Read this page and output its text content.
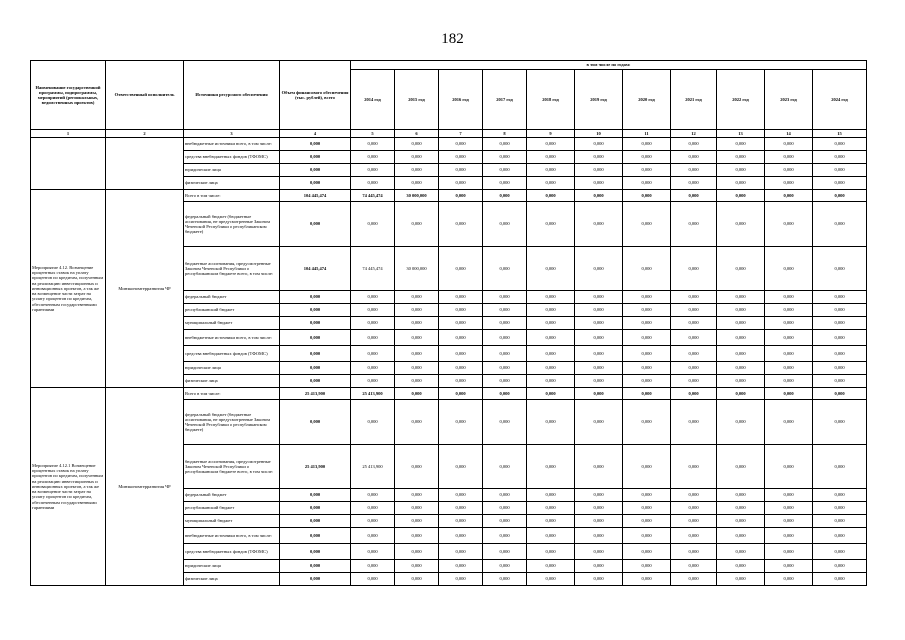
182
Наименование государственной программы, подпрограммы, мероприятий (региональных, ведомственных проектов)	Ответственный исполнитель	Источники ресурсного обеспечения	Объем финансового обеспечения (тыс. рублей), всего	в том числе по годам:										
				2014 год	2015 год	2016 год	2017 год	2018 год	2019 год	2020 год	2021 год	2022 год	2023 год	2024 год
1	2	3	4	5	6	7	8	9	10	11	12	13	14	15
		внебюджетные источники всего, в том числе:	0,000	0,000	0,000	0,000	0,000	0,000	0,000	0,000	0,000	0,000	0,000	0,000
		средства внебюджетных фондов (ТФОМС)	0,000	0,000	0,000	0,000	0,000	0,000	0,000	0,000	0,000	0,000	0,000	0,000
		юридические лица	0,000	0,000	0,000	0,000	0,000	0,000	0,000	0,000	0,000	0,000	0,000	0,000
		физические лица	0,000	0,000	0,000	0,000	0,000	0,000	0,000	0,000	0,000	0,000	0,000	0,000
Мероприятие 4.12. Возмещение процентных ставок на уплату процентов по кредитам, полученным на реализацию инвестиционных и инновационных проектов, а так же на возмещение части затрат на уплату процентов по кредитам, обеспеченным государственными гарантиями	Минэкономтерразвития ЧР	Всего в том числе:	104 445,474	74 445,474	30 000,000	0,000	0,000	0,000	0,000	0,000	0,000	0,000	0,000	0,000
		федеральный бюджет (бюджетные ассигнования, не предусмотренные Законом Чеченской Республики о республиканском бюджете)	0,000	0,000	0,000	0,000	0,000	0,000	0,000	0,000	0,000	0,000	0,000	0,000
		бюджетные ассигнования, предусмотренные Законом Чеченской Республики о республиканском бюджете всего, в том числе:	104 445,474	74 445,474	30 000,000	0,000	0,000	0,000	0,000	0,000	0,000	0,000	0,000	0,000
		федеральный бюджет	0,000	0,000	0,000	0,000	0,000	0,000	0,000	0,000	0,000	0,000	0,000	0,000
		республиканский бюджет	0,000	0,000	0,000	0,000	0,000	0,000	0,000	0,000	0,000	0,000	0,000	0,000
		муниципальный бюджет	0,000	0,000	0,000	0,000	0,000	0,000	0,000	0,000	0,000	0,000	0,000	0,000
		внебюджетные источники всего, в том числе:	0,000	0,000	0,000	0,000	0,000	0,000	0,000	0,000	0,000	0,000	0,000	0,000
		средства внебюджетных фондов (ТФОМС)	0,000	0,000	0,000	0,000	0,000	0,000	0,000	0,000	0,000	0,000	0,000	0,000
		юридические лица	0,000	0,000	0,000	0,000	0,000	0,000	0,000	0,000	0,000	0,000	0,000	0,000
		физические лица	0,000	0,000	0,000	0,000	0,000	0,000	0,000	0,000	0,000	0,000	0,000	0,000
Мероприятие 4.12.1 Возмещение процентных ставок на уплату процентов по кредитам, полученным на реализацию инвестиционных и инновационных проектов, а так же на возмещение части затрат на уплату процентов по кредитам, обеспеченным государственными гарантиями	Минэкономтерразвития ЧР	Всего в том числе:	25 413,900	25 413,900	0,000	0,000	0,000	0,000	0,000	0,000	0,000	0,000	0,000	0,000
		федеральный бюджет (бюджетные ассигнования, не предусмотренные Законом Чеченской Республики о республиканском бюджете)	0,000	0,000	0,000	0,000	0,000	0,000	0,000	0,000	0,000	0,000	0,000	0,000
		бюджетные ассигнования, предусмотренные Законом Чеченской Республики о республиканском бюджете всего, в том числе:	25 413,900	25 413,900	0,000	0,000	0,000	0,000	0,000	0,000	0,000	0,000	0,000	0,000
		федеральный бюджет	0,000	0,000	0,000	0,000	0,000	0,000	0,000	0,000	0,000	0,000	0,000	0,000
		республиканский бюджет	0,000	0,000	0,000	0,000	0,000	0,000	0,000	0,000	0,000	0,000	0,000	0,000
		муниципальный бюджет	0,000	0,000	0,000	0,000	0,000	0,000	0,000	0,000	0,000	0,000	0,000	0,000
		внебюджетные источники всего, в том числе:	0,000	0,000	0,000	0,000	0,000	0,000	0,000	0,000	0,000	0,000	0,000	0,000
		средства внебюджетных фондов (ТФОМС)	0,000	0,000	0,000	0,000	0,000	0,000	0,000	0,000	0,000	0,000	0,000	0,000
		юридические лица	0,000	0,000	0,000	0,000	0,000	0,000	0,000	0,000	0,000	0,000	0,000	0,000
		физические лица	0,000	0,000	0,000	0,000	0,000	0,000	0,000	0,000	0,000	0,000	0,000	0,000
